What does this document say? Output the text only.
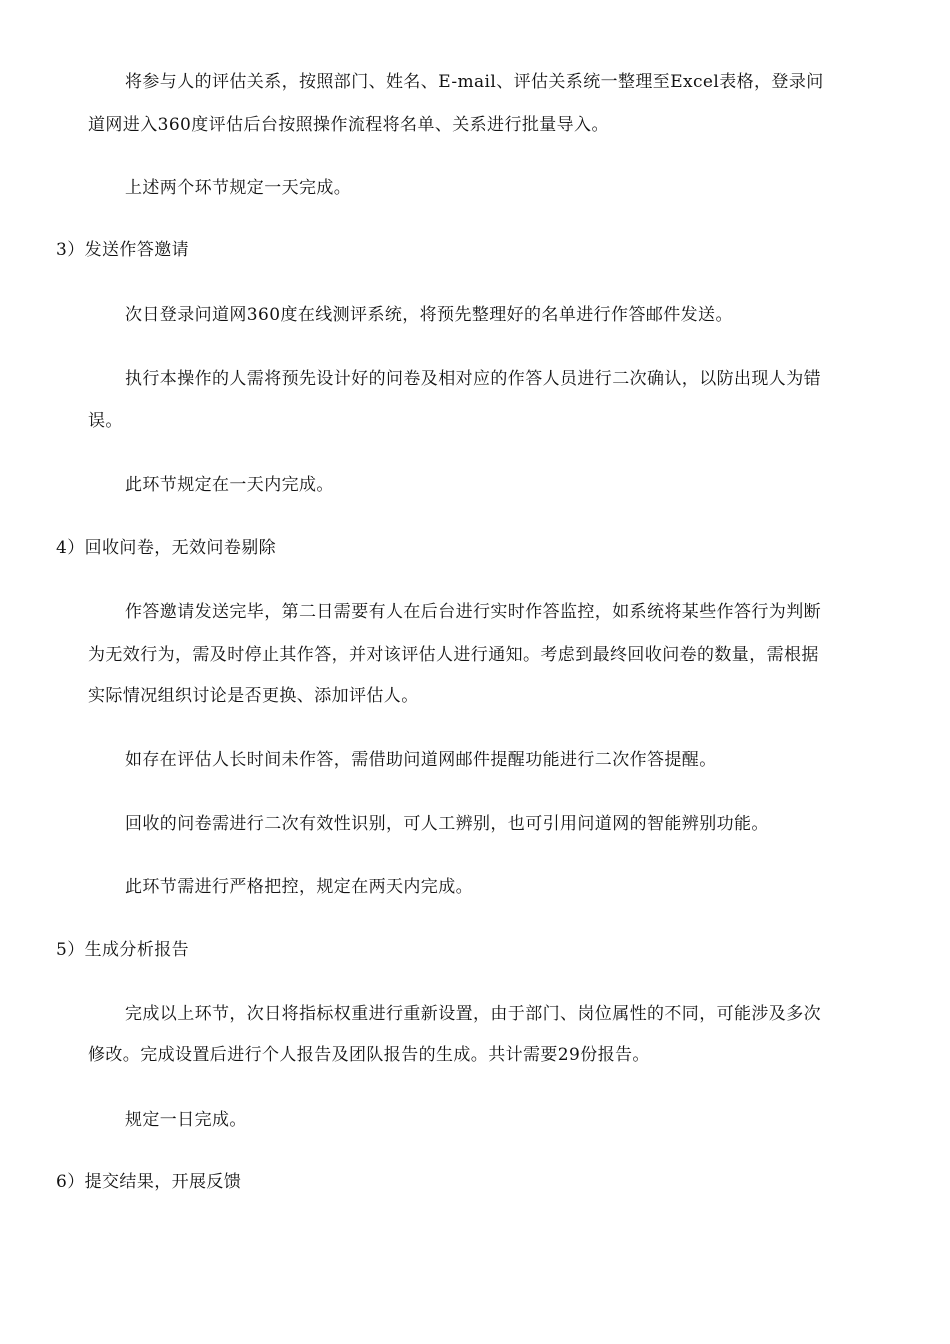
将参与人的评估关系，按照部门、姓名、E-mail、评估关系统一整理至Excel表格，登录问
道网进入360度评估后台按照操作流程将名单、关系进行批量导入。
上述两个环节规定一天完成。
3）发送作答邀请
次日登录问道网360度在线测评系统，将预先整理好的名单进行作答邮件发送。
执行本操作的人需将预先设计好的问卷及相对应的作答人员进行二次确认，以防出现人为错
误。
此环节规定在一天内完成。
4）回收问卷，无效问卷剔除
作答邀请发送完毕，第二日需要有人在后台进行实时作答监控，如系统将某些作答行为判断
为无效行为，需及时停止其作答，并对该评估人进行通知。考虑到最终回收问卷的数量，需根据
实际情况组织讨论是否更换、添加评估人。
如存在评估人长时间未作答，需借助问道网邮件提醒功能进行二次作答提醒。
回收的问卷需进行二次有效性识别，可人工辨别，也可引用问道网的智能辨别功能。
此环节需进行严格把控，规定在两天内完成。
5）生成分析报告
完成以上环节，次日将指标权重进行重新设置，由于部门、岗位属性的不同，可能涉及多次
修改。完成设置后进行个人报告及团队报告的生成。共计需要29份报告。
规定一日完成。
6）提交结果，开展反馈
